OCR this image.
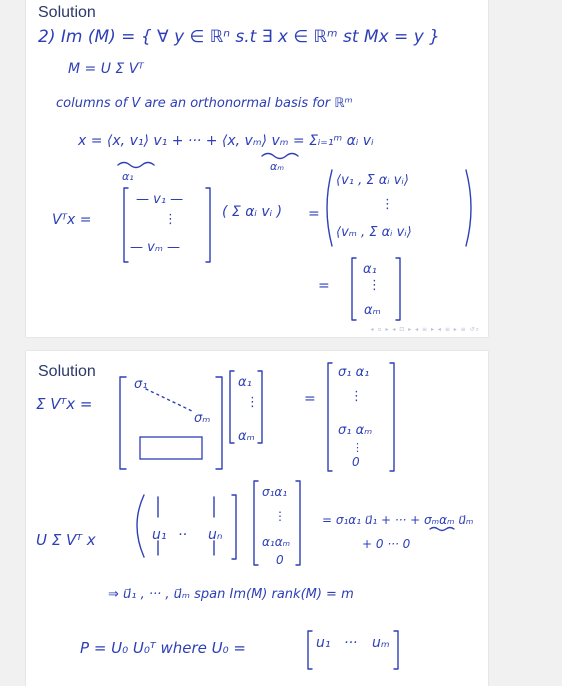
Solution
2) Im (M) = { ∀ y ∈ ℝⁿ s.t ∃ x ∈ ℝᵐ st Mx = y }
M = U Σ Vᵀ
columns of V are an orthonormal basis for ℝᵐ
x = ⟨x, v₁⟩ v₁ + ··· + ⟨x, vₘ⟩ vₘ = Σᵢ₌₁ᵐ αᵢ vᵢ
α₁
αₘ
Vᵀx =
— v₁ —
⋮
— vₘ —
( Σ αᵢ vᵢ ) =
⟨v₁ , Σ αᵢ vᵢ⟩
⋮
⟨vₘ , Σ αᵢ vᵢ⟩
=
α₁
⋮
αₘ
◂ ▫ ▸ ◂ ⊡ ▸ ◂ ≡ ▸ ◂ ≡ ▸ ≡ ↺⌕
Solution
Σ Vᵀx =
σ₁
σₘ
α₁
⋮
αₘ
=
σ₁ α₁
⋮
σ₁ αₘ
⋮
0
U Σ Vᵀ x	u₁ ·· uₙ
σ₁α₁
⋮
α₁αₘ
0
= σ₁α₁ u⃗₁ + ··· + σₘαₘ u⃗ₘ
+ 0 ··· 0
⇒ u⃗₁ , ··· , u⃗ₘ span Im(M) rank(M) = m
P = U₀ U₀ᵀ where U₀ =	u₁ ··· uₘ
